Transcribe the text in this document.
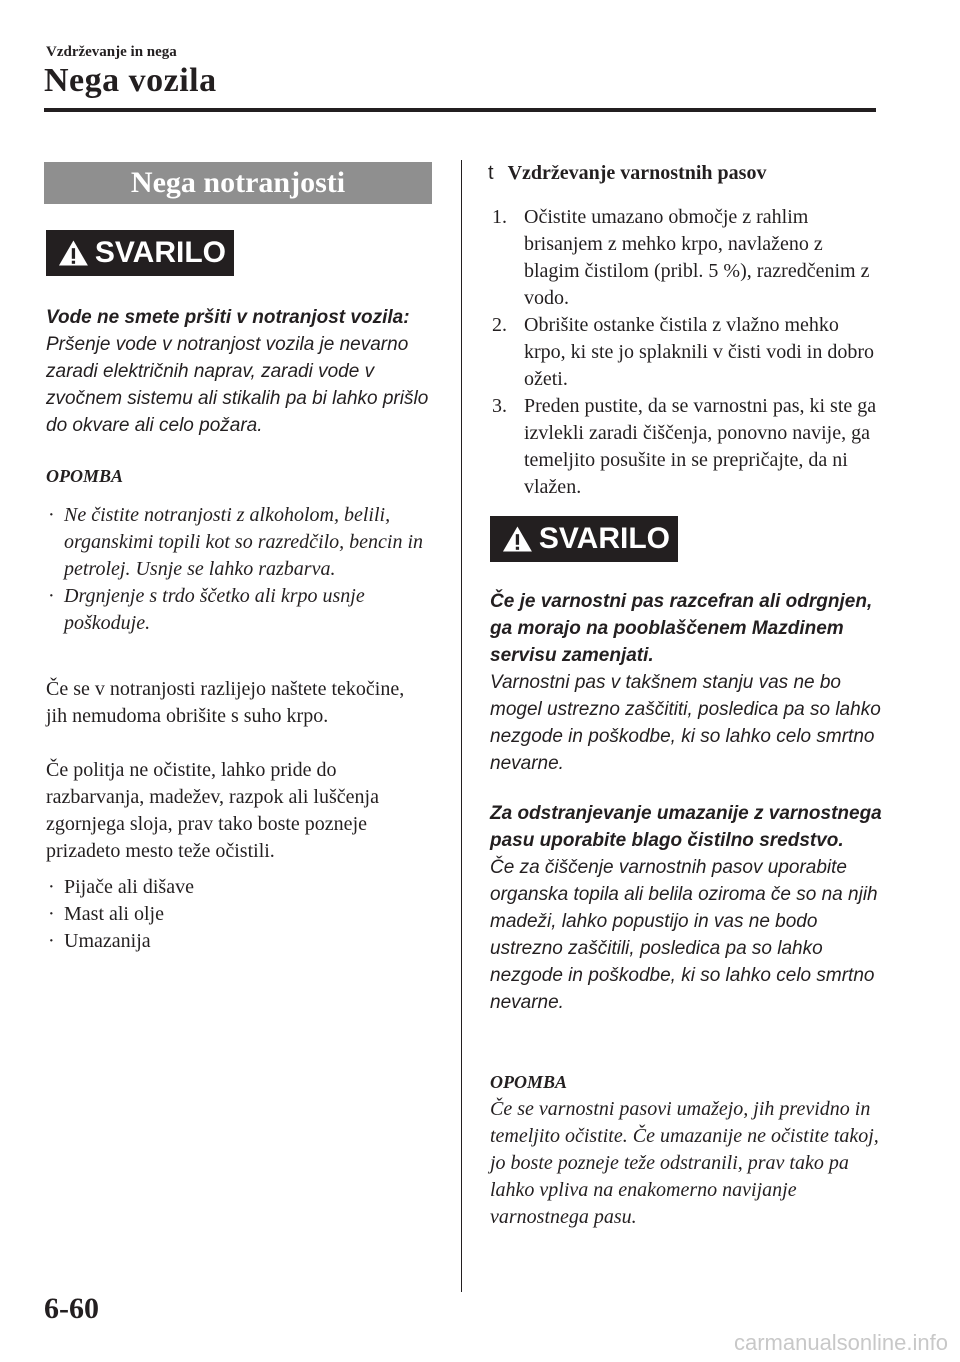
Vzdrževanje in nega
Nega vozila
Nega notranjosti
SVARILO
Vode ne smete pršiti v notranjost vozila:
Pršenje vode v notranjost vozila je nevarno zaradi električnih naprav, zaradi vode v zvočnem sistemu ali stikalih pa bi lahko prišlo do okvare ali celo požara.
OPOMBA
· Ne čistite notranjosti z alkoholom, belili, organskimi topili kot so razredčilo, bencin in petrolej. Usnje se lahko razbarva.
· Drgnjenje s trdo ščetko ali krpo usnje poškoduje.
Če se v notranjosti razlijejo naštete tekočine, jih nemudoma obrišite s suho krpo.
Če politja ne očistite, lahko pride do razbarvanja, madežev, razpok ali luščenja zgornjega sloja, prav tako boste pozneje prizadeto mesto teže očistili.
· Pijače ali dišave
· Mast ali olje
· Umazanija
t Vzdrževanje varnostnih pasov
1. Očistite umazano območje z rahlim brisanjem z mehko krpo, navlaženo z blagim čistilom (pribl. 5 %), razredčenim z vodo.
2. Obrišite ostanke čistila z vlažno mehko krpo, ki ste jo splaknili v čisti vodi in dobro ožeti.
3. Preden pustite, da se varnostni pas, ki ste ga izvlekli zaradi čiščenja, ponovno navije, ga temeljito posušite in se prepričajte, da ni vlažen.
SVARILO
Če je varnostni pas razcefran ali odrgnjen, ga morajo na pooblaščenem Mazdinem servisu zamenjati.
Varnostni pas v takšnem stanju vas ne bo mogel ustrezno zaščititi, posledica pa so lahko nezgode in poškodbe, ki so lahko celo smrtno nevarne.
Za odstranjevanje umazanije z varnostnega pasu uporabite blago čistilno sredstvo.
Če za čiščenje varnostnih pasov uporabite organska topila ali belila oziroma če so na njih madeži, lahko popustijo in vas ne bodo ustrezno zaščitili, posledica pa so lahko nezgode in poškodbe, ki so lahko celo smrtno nevarne.
OPOMBA
Če se varnostni pasovi umažejo, jih previdno in temeljito očistite. Če umazanije ne očistite takoj, jo boste pozneje teže odstranili, prav tako pa lahko vpliva na enakomerno navijanje varnostnega pasu.
6-60
carmanualsonline.info
